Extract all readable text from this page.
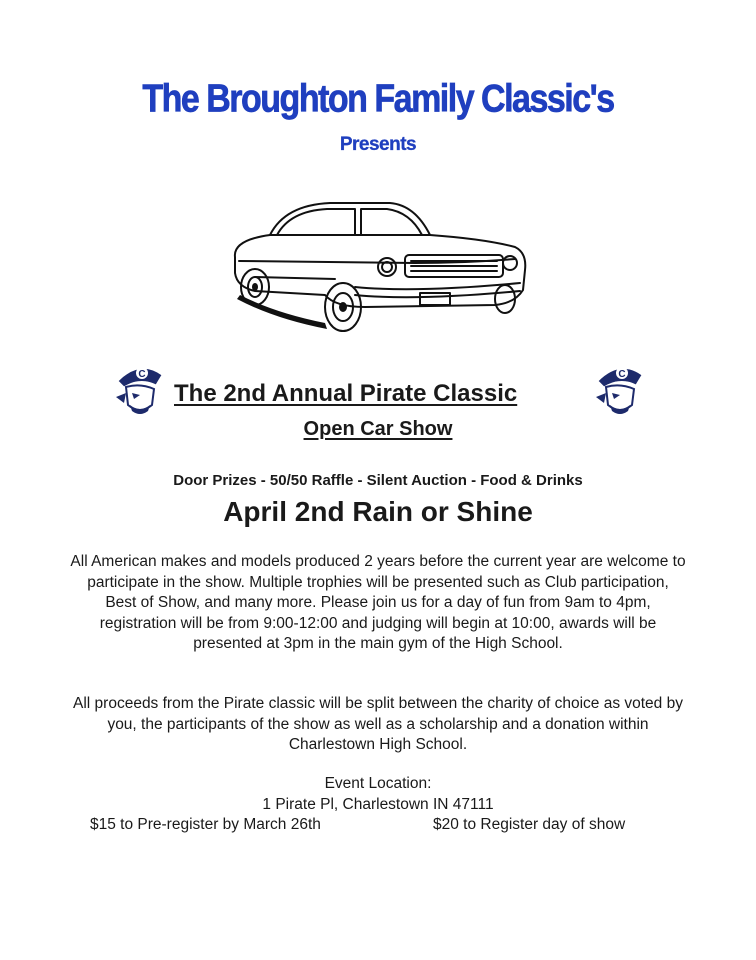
The Broughton Family Classic's
Presents
C	C
The 2nd Annual Pirate Classic
Open Car Show
Door Prizes - 50/50 Raffle - Silent Auction - Food & Drinks
April 2nd Rain or Shine
All American makes and models produced 2 years before the current year are welcome to participate in the show. Multiple trophies will be presented such as Club participation, Best of Show, and many more. Please join us for a day of fun from 9am to 4pm, registration will be from 9:00-12:00 and judging will begin at 10:00, awards will be presented at 3pm in the main gym of the High School.
All proceeds from the Pirate classic will be split between the charity of choice as voted by you, the participants of the show as well as a scholarship and a donation within Charlestown High School.
Event Location:
1 Pirate Pl, Charlestown IN 47111
$15 to Pre-register by March 26th	$20 to Register day of show
